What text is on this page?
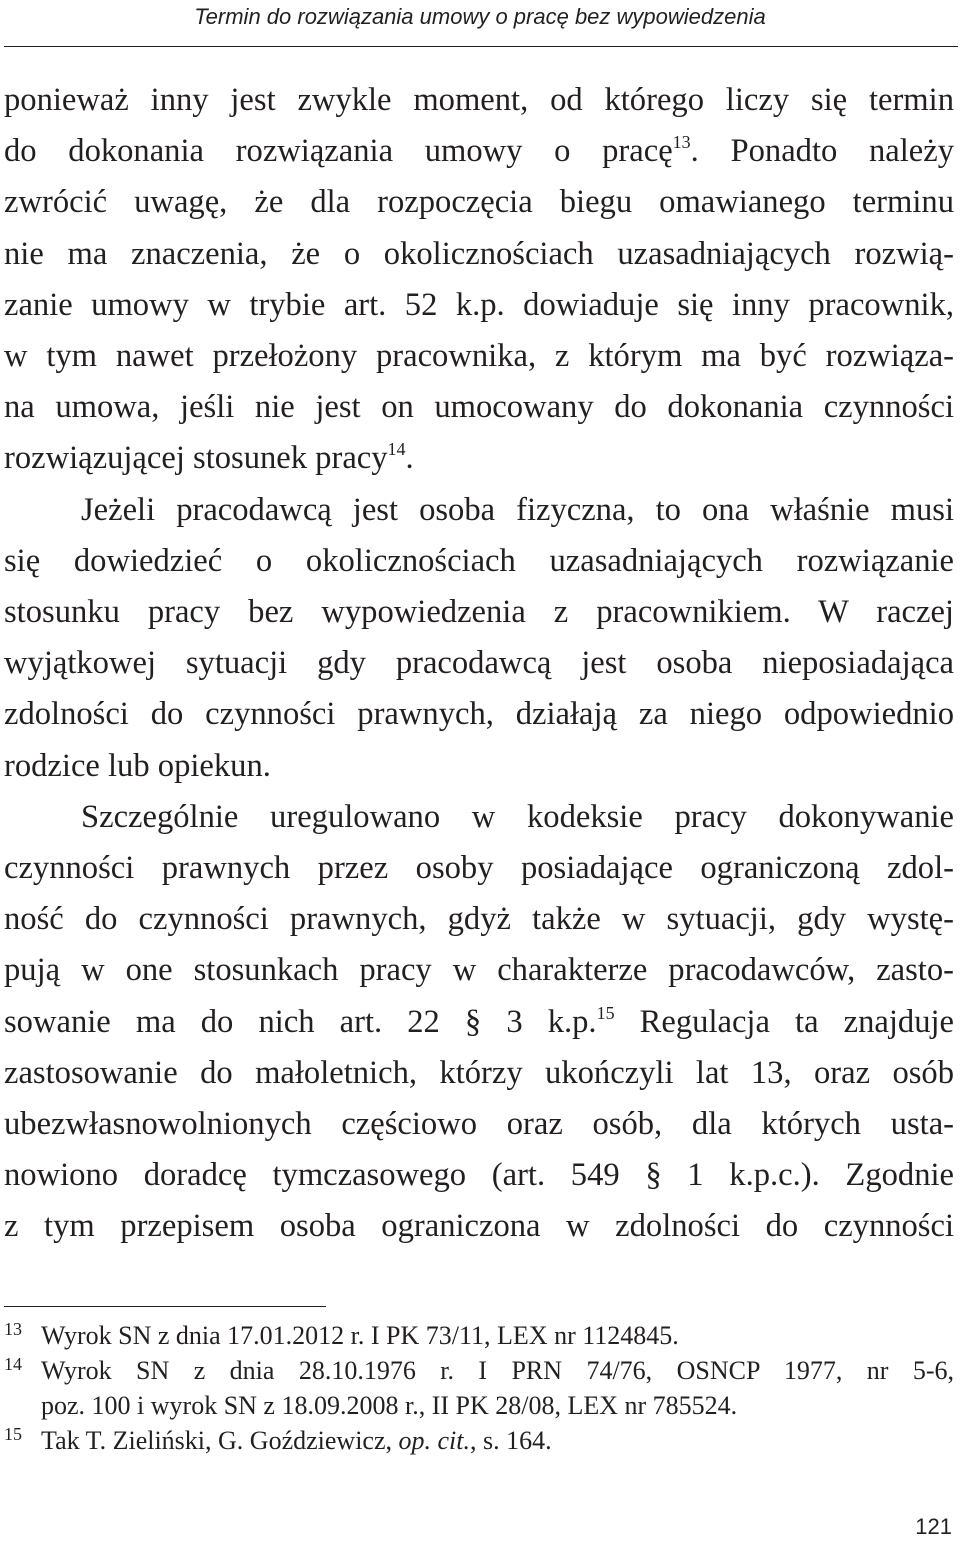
Termin do rozwiązania umowy o pracę bez wypowiedzenia

ponieważ inny jest zwykle moment, od którego liczy się termin
do dokonania rozwiązania umowy o pracę$^{13}$. Ponadto należy
zwrócić uwagę, że dla rozpoczęcia biegu omawianego terminu
nie ma znaczenia, że o okolicznościach uzasadniających rozwią-
zanie umowy w trybie art. 52 k.p. dowiaduje się inny pracownik,
w tym nawet przełożony pracownika, z którym ma być rozwiąza-
na umowa, jeśli nie jest on umocowany do dokonania czynności
rozwiązującej stosunek pracy$^{14}$.

Jeżeli pracodawcą jest osoba fizyczna, to ona właśnie musi
się dowiedzieć o okolicznościach uzasadniających rozwiązanie
stosunku pracy bez wypowiedzenia z pracownikiem. W raczej
wyjątkowej sytuacji gdy pracodawcą jest osoba nieposiadająca
zdolności do czynności prawnych, działają za niego odpowiednio
rodzice lub opiekun.

Szczególnie uregulowano w kodeksie pracy dokonywanie
czynności prawnych przez osoby posiadające ograniczoną zdol-
ność do czynności prawnych, gdyż także w sytuacji, gdy wystę-
pują w one stosunkach pracy w charakterze pracodawców, zasto-
sowanie ma do nich art. 22 § 3 k.p.$^{15}$ Regulacja ta znajduje
zastosowanie do małoletnich, którzy ukończyli lat 13, oraz osób
ubezwłasnowolnionych częściowo oraz osób, dla których usta-
nowiono doradcę tymczasowego (art. 549 § 1 k.p.c.). Zgodnie
z tym przepisem osoba ograniczona w zdolności do czynności

13 Wyrok SN z dnia 17.01.2012 r. I PK 73/11, LEX nr 1124845.
14 Wyrok SN z dnia 28.10.1976 r. I PRN 74/76, OSNCP 1977, nr 5-6,
poz. 100 i wyrok SN z 18.09.2008 r., II PK 28/08, LEX nr 785524.
15 Tak T. Zieliński, G. Goździewicz, op. cit., s. 164.
121
